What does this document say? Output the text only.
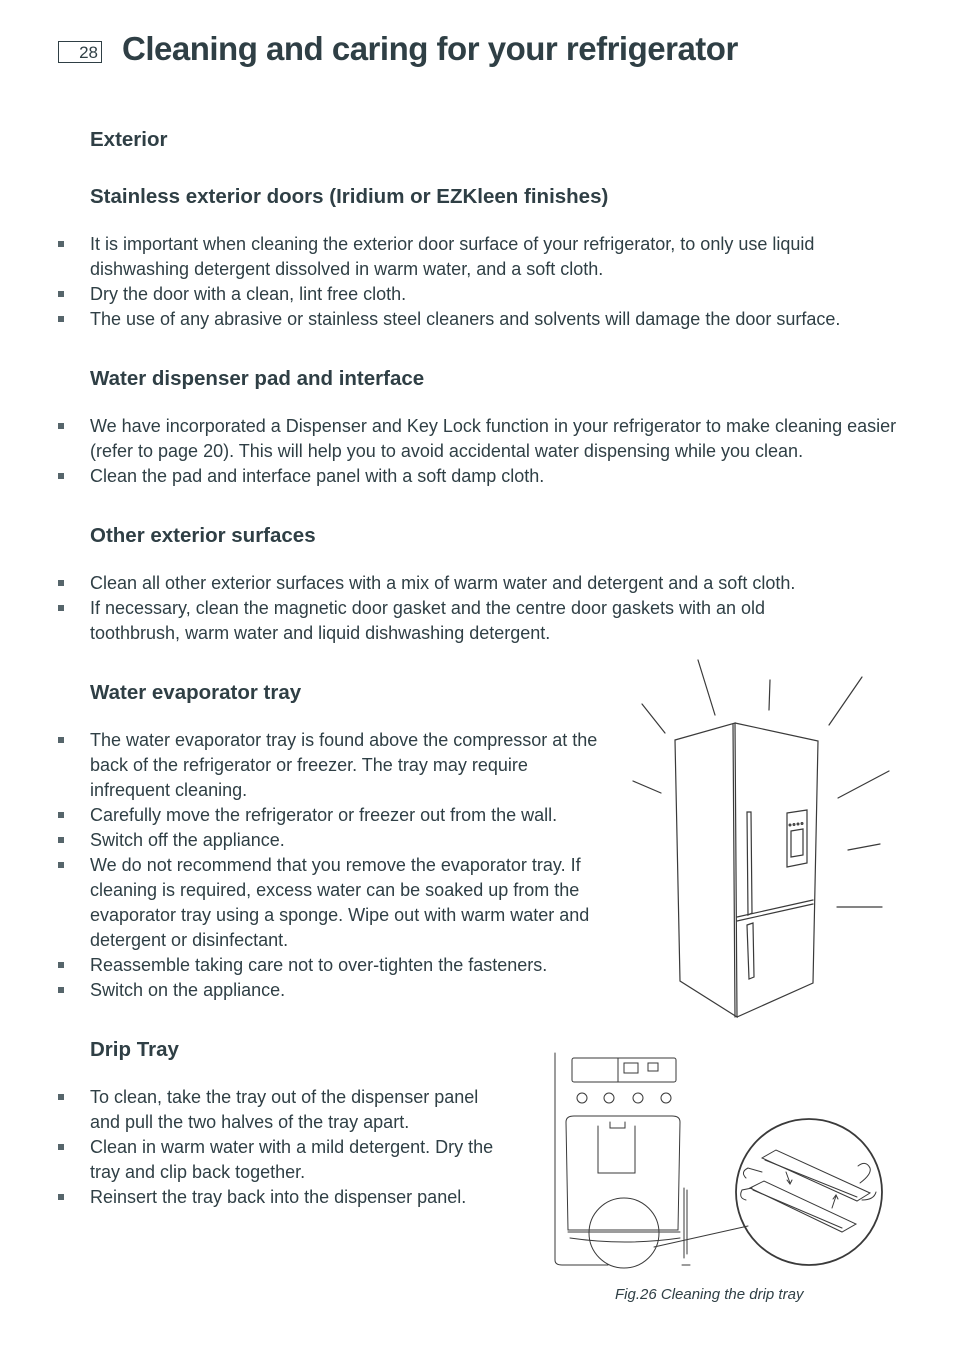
28 Cleaning and caring for your refrigerator
Exterior
Stainless exterior doors (Iridium or EZKleen finishes)
It is important when cleaning the exterior door surface of your refrigerator, to only use liquid dishwashing detergent dissolved in warm water, and a soft cloth.
Dry the door with a clean, lint free cloth.
The use of any abrasive or stainless steel cleaners and solvents will damage the door surface.
Water dispenser pad and interface
We have incorporated a Dispenser and Key Lock function in your refrigerator to make cleaning easier (refer to page 20). This will help you to avoid accidental water dispensing while you clean.
Clean the pad and interface panel with a soft damp cloth.
Other exterior surfaces
Clean all other exterior surfaces with a mix of warm water and detergent and a soft cloth.
If necessary, clean the magnetic door gasket and the centre door gaskets with an old toothbrush, warm water and liquid dishwashing detergent.
Water evaporator tray
The water evaporator tray is found above the compressor at the back of the refrigerator or freezer. The tray may require infrequent cleaning.
Carefully move the refrigerator or freezer out from the wall.
Switch off the appliance.
We do not recommend that you remove the evaporator tray. If cleaning is required, excess water can be soaked up from the evaporator tray using a sponge. Wipe out with warm water and detergent or disinfectant.
Reassemble taking care not to over-tighten the fasteners.
Switch on the appliance.
Drip Tray
To clean, take the tray out of the dispenser panel and pull the two halves of the tray apart.
Clean in warm water with a mild detergent. Dry the tray and clip back together.
Reinsert the tray back into the dispenser panel.
Fig.26 Cleaning the drip tray
